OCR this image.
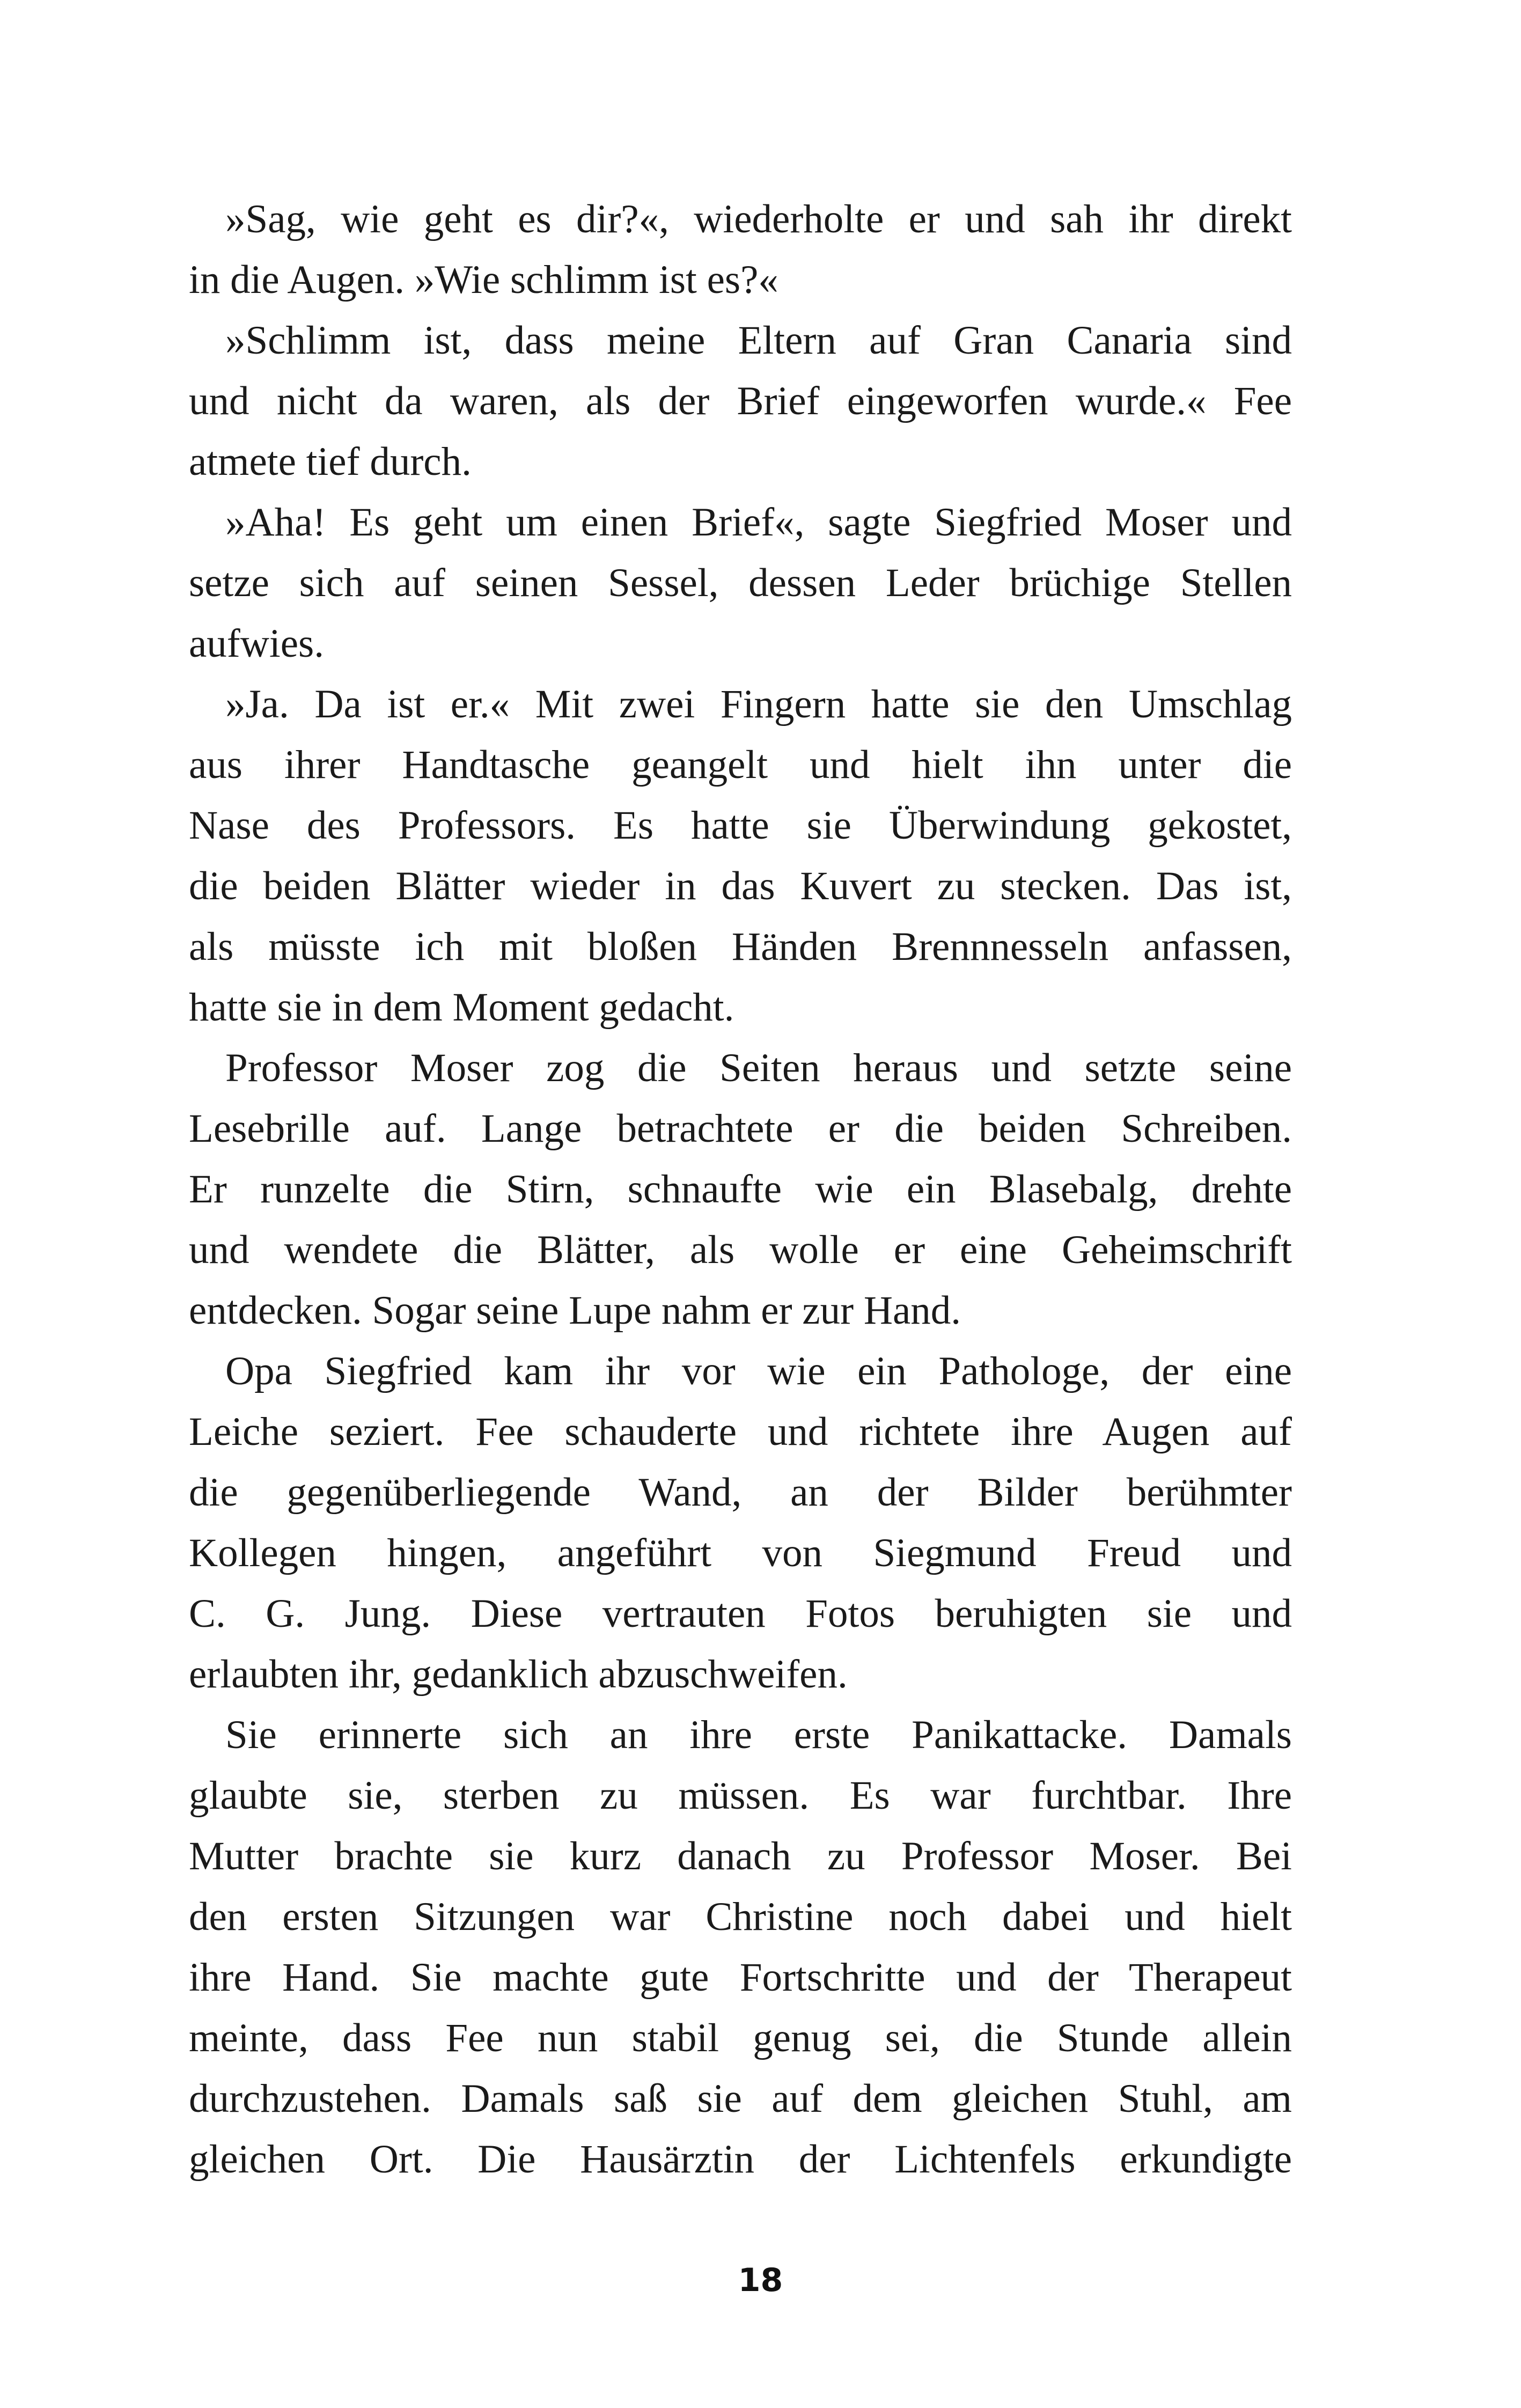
»Sag, wie geht es dir?«, wiederholte er und sah ihr direkt
in die Augen. »Wie schlimm ist es?«
»Schlimm ist, dass meine Eltern auf Gran Canaria sind
und nicht da waren, als der Brief eingeworfen wurde.« Fee
atmete tief durch.
»Aha! Es geht um einen Brief«, sagte Siegfried Moser und
setze sich auf seinen Sessel, dessen Leder brüchige Stellen
aufwies.
»Ja. Da ist er.« Mit zwei Fingern hatte sie den Umschlag
aus ihrer Handtasche geangelt und hielt ihn unter die
Nase des Professors. Es hatte sie Überwindung gekostet,
die beiden Blätter wieder in das Kuvert zu stecken. Das ist,
als müsste ich mit bloßen Händen Brennnesseln anfassen,
hatte sie in dem Moment gedacht.
Professor Moser zog die Seiten heraus und setzte seine
Lesebrille auf. Lange betrachtete er die beiden Schreiben.
Er runzelte die Stirn, schnaufte wie ein Blasebalg, drehte
und wendete die Blätter, als wolle er eine Geheimschrift
entdecken. Sogar seine Lupe nahm er zur Hand.
Opa Siegfried kam ihr vor wie ein Pathologe, der eine
Leiche seziert. Fee schauderte und richtete ihre Augen auf
die gegenüberliegende Wand, an der Bilder berühmter
Kollegen hingen, angeführt von Siegmund Freud und
C. G. Jung. Diese vertrauten Fotos beruhigten sie und
erlaubten ihr, gedanklich abzuschweifen.
Sie erinnerte sich an ihre erste Panikattacke. Damals
glaubte sie, sterben zu müssen. Es war furchtbar. Ihre
Mutter brachte sie kurz danach zu Professor Moser. Bei
den ersten Sitzungen war Christine noch dabei und hielt
ihre Hand. Sie machte gute Fortschritte und der Therapeut
meinte, dass Fee nun stabil genug sei, die Stunde allein
durchzustehen. Damals saß sie auf dem gleichen Stuhl, am
gleichen Ort. Die Hausärztin der Lichtenfels erkundigte
18
